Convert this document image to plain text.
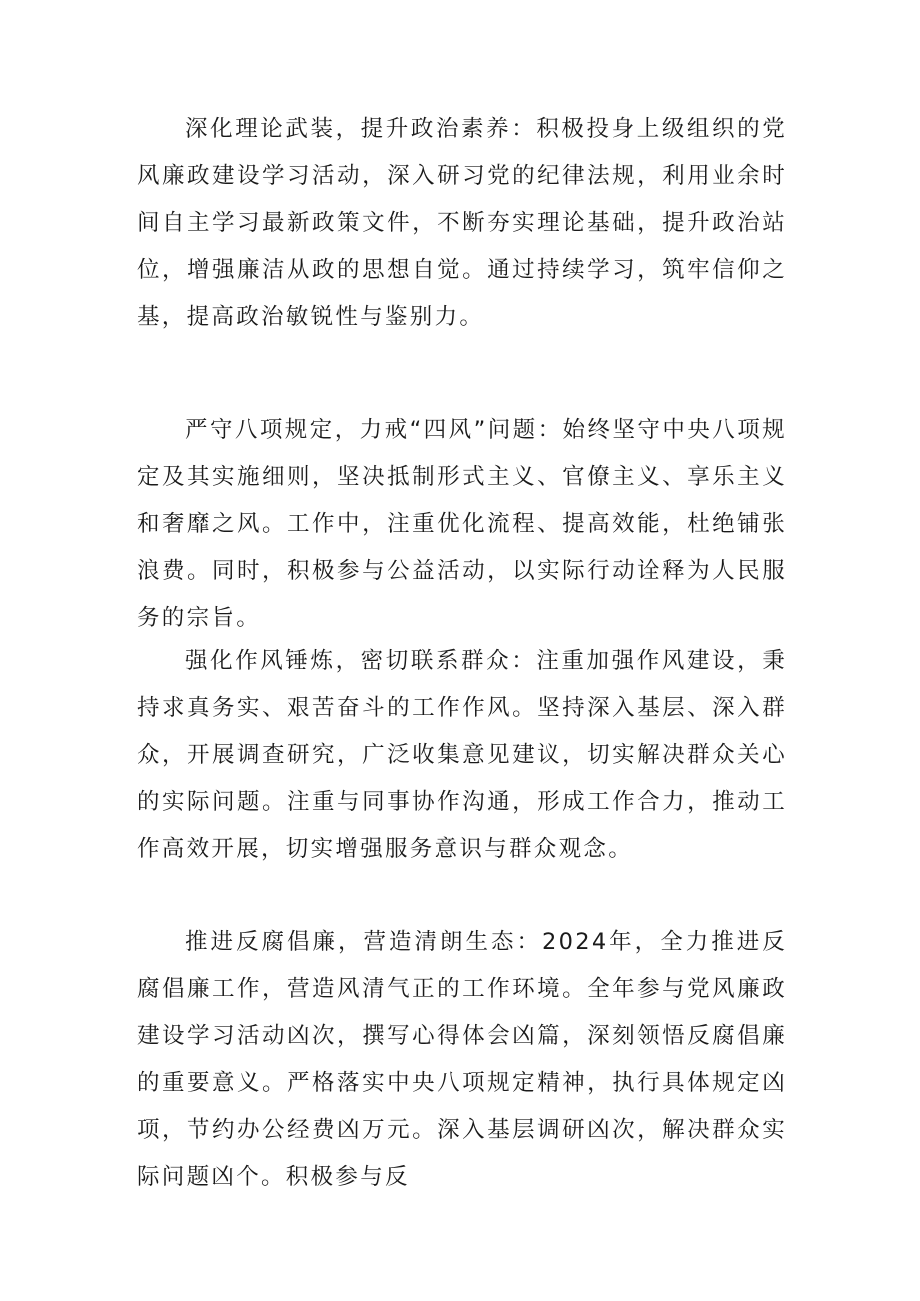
深化理论武装，提升政治素养：积极投身上级组织的党风廉政建设学习活动，深入研习党的纪律法规，利用业余时间自主学习最新政策文件，不断夯实理论基础，提升政治站位，增强廉洁从政的思想自觉。通过持续学习，筑牢信仰之基，提高政治敏锐性与鉴别力。

严守八项规定，力戒“四风”问题：始终坚守中央八项规定及其实施细则，坚决抵制形式主义、官僚主义、享乐主义和奢靡之风。工作中，注重优化流程、提高效能，杜绝铺张浪费。同时，积极参与公益活动，以实际行动诠释为人民服务的宗旨。

强化作风锤炼，密切联系群众：注重加强作风建设，秉持求真务实、艰苦奋斗的工作作风。坚持深入基层、深入群众，开展调查研究，广泛收集意见建议，切实解决群众关心的实际问题。注重与同事协作沟通，形成工作合力，推动工作高效开展，切实增强服务意识与群众观念。

推进反腐倡廉，营造清朗生态：2024年，全力推进反腐倡廉工作，营造风清气正的工作环境。全年参与党风廉政建设学习活动凶次，撰写心得体会凶篇，深刻领悟反腐倡廉的重要意义。严格落实中央八项规定精神，执行具体规定凶项，节约办公经费凶万元。深入基层调研凶次，解决群众实际问题凶个。积极参与反
